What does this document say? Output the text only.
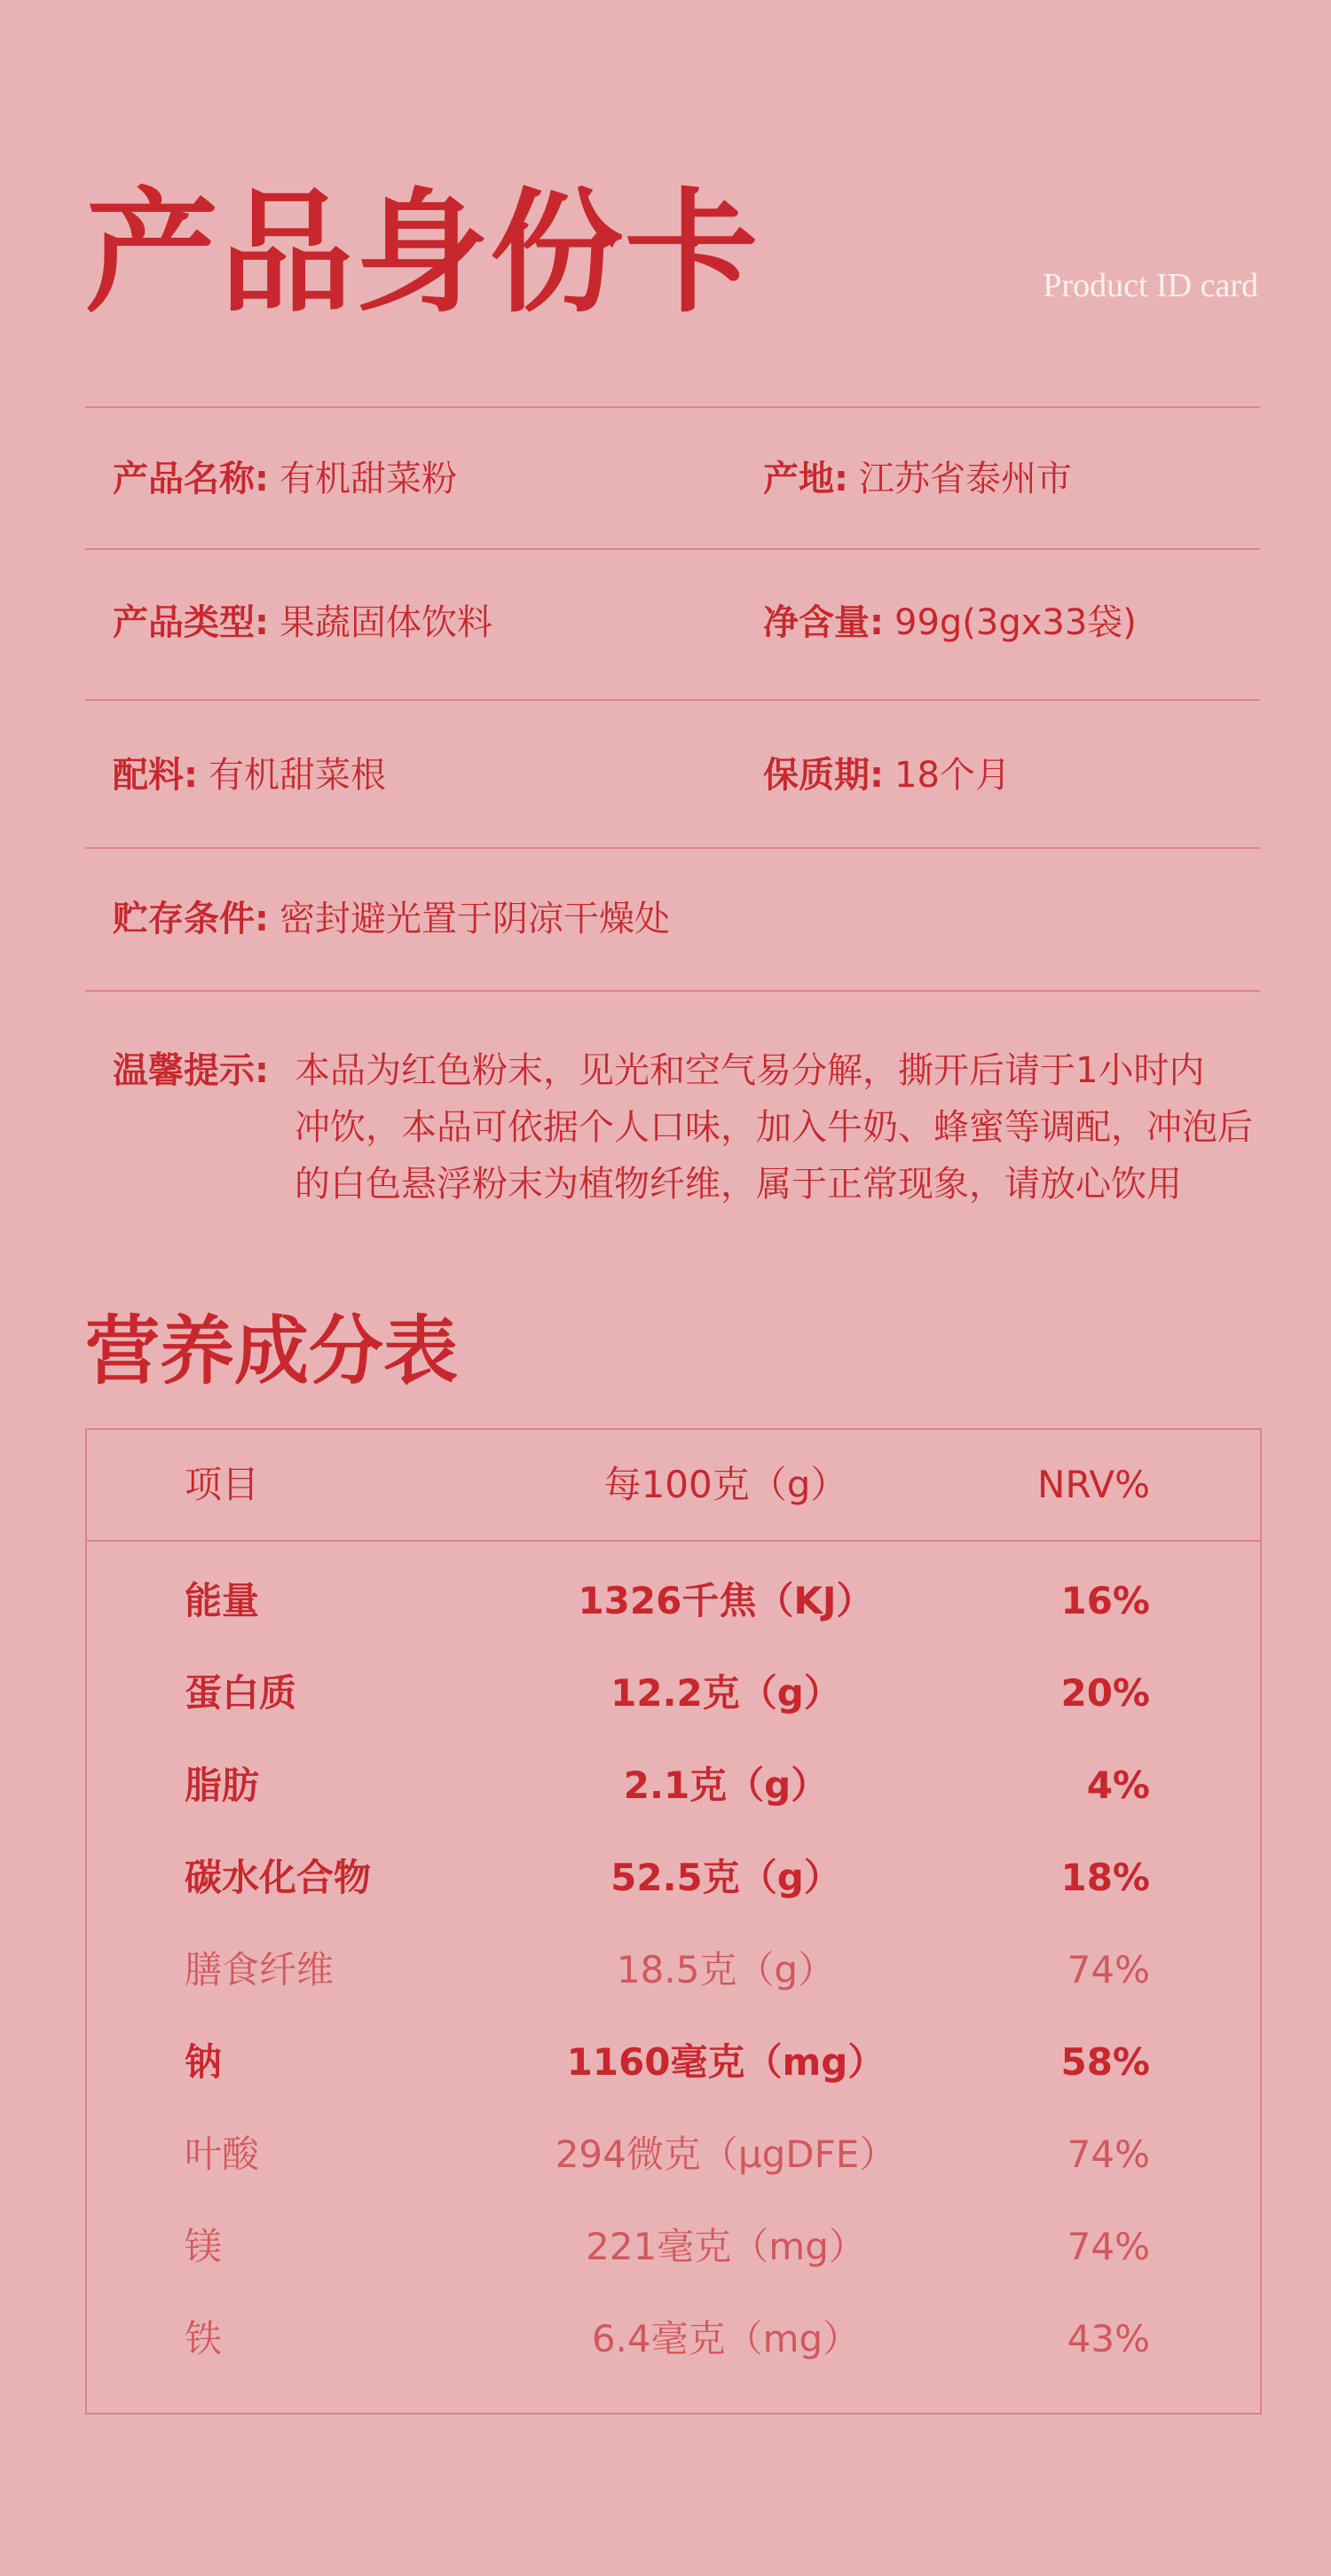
产品身份卡	Product ID card
产品名称: 有机甜菜粉	产地: 江苏省泰州市
产品类型: 果蔬固体饮料	净含量: 99g(3gx33袋)
配料: 有机甜菜根	保质期: 18个月
贮存条件: 密封避光置于阴凉干燥处
温馨提示: 本品为红色粉末，见光和空气易分解，撕开后请于1小时内
冲饮，本品可依据个人口味，加入牛奶、蜂蜜等调配，冲泡后
的白色悬浮粉末为植物纤维，属于正常现象，请放心饮用
营养成分表
项目	每100克（g）	NRV%
能量	1326千焦（KJ）	16%
蛋白质	12.2克（g）	20%
脂肪	2.1克（g）	4%
碳水化合物	52.5克（g）	18%
膳食纤维	18.5克（g）	74%
钠	1160毫克（mg）	58%
叶酸	294微克（μgDFE）	74%
镁	221毫克（mg）	74%
铁	6.4毫克（mg）	43%
